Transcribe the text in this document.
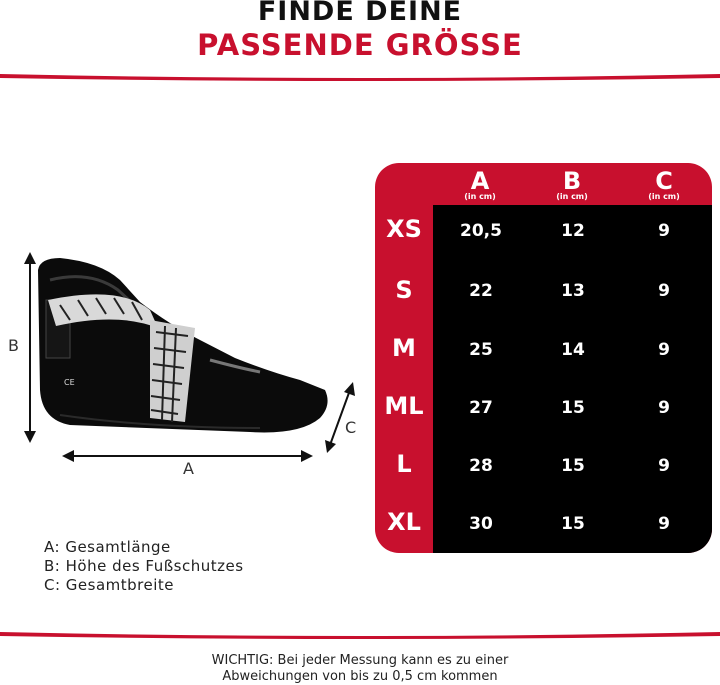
FINDE DEINE
PASSENDE GRÖSSE
CE
B
A
C
A
(in cm)
B
(in cm)
C
(in cm)
XS	20,5	12	9
S	22	13	9
M	25	14	9
ML	27	15	9
L	28	15	9
XL	30	15	9
A: Gesamtlänge
B: Höhe des Fußschutzes
C: Gesamtbreite
WICHTIG: Bei jeder Messung kann es zu einer
Abweichungen von bis zu 0,5 cm kommen
